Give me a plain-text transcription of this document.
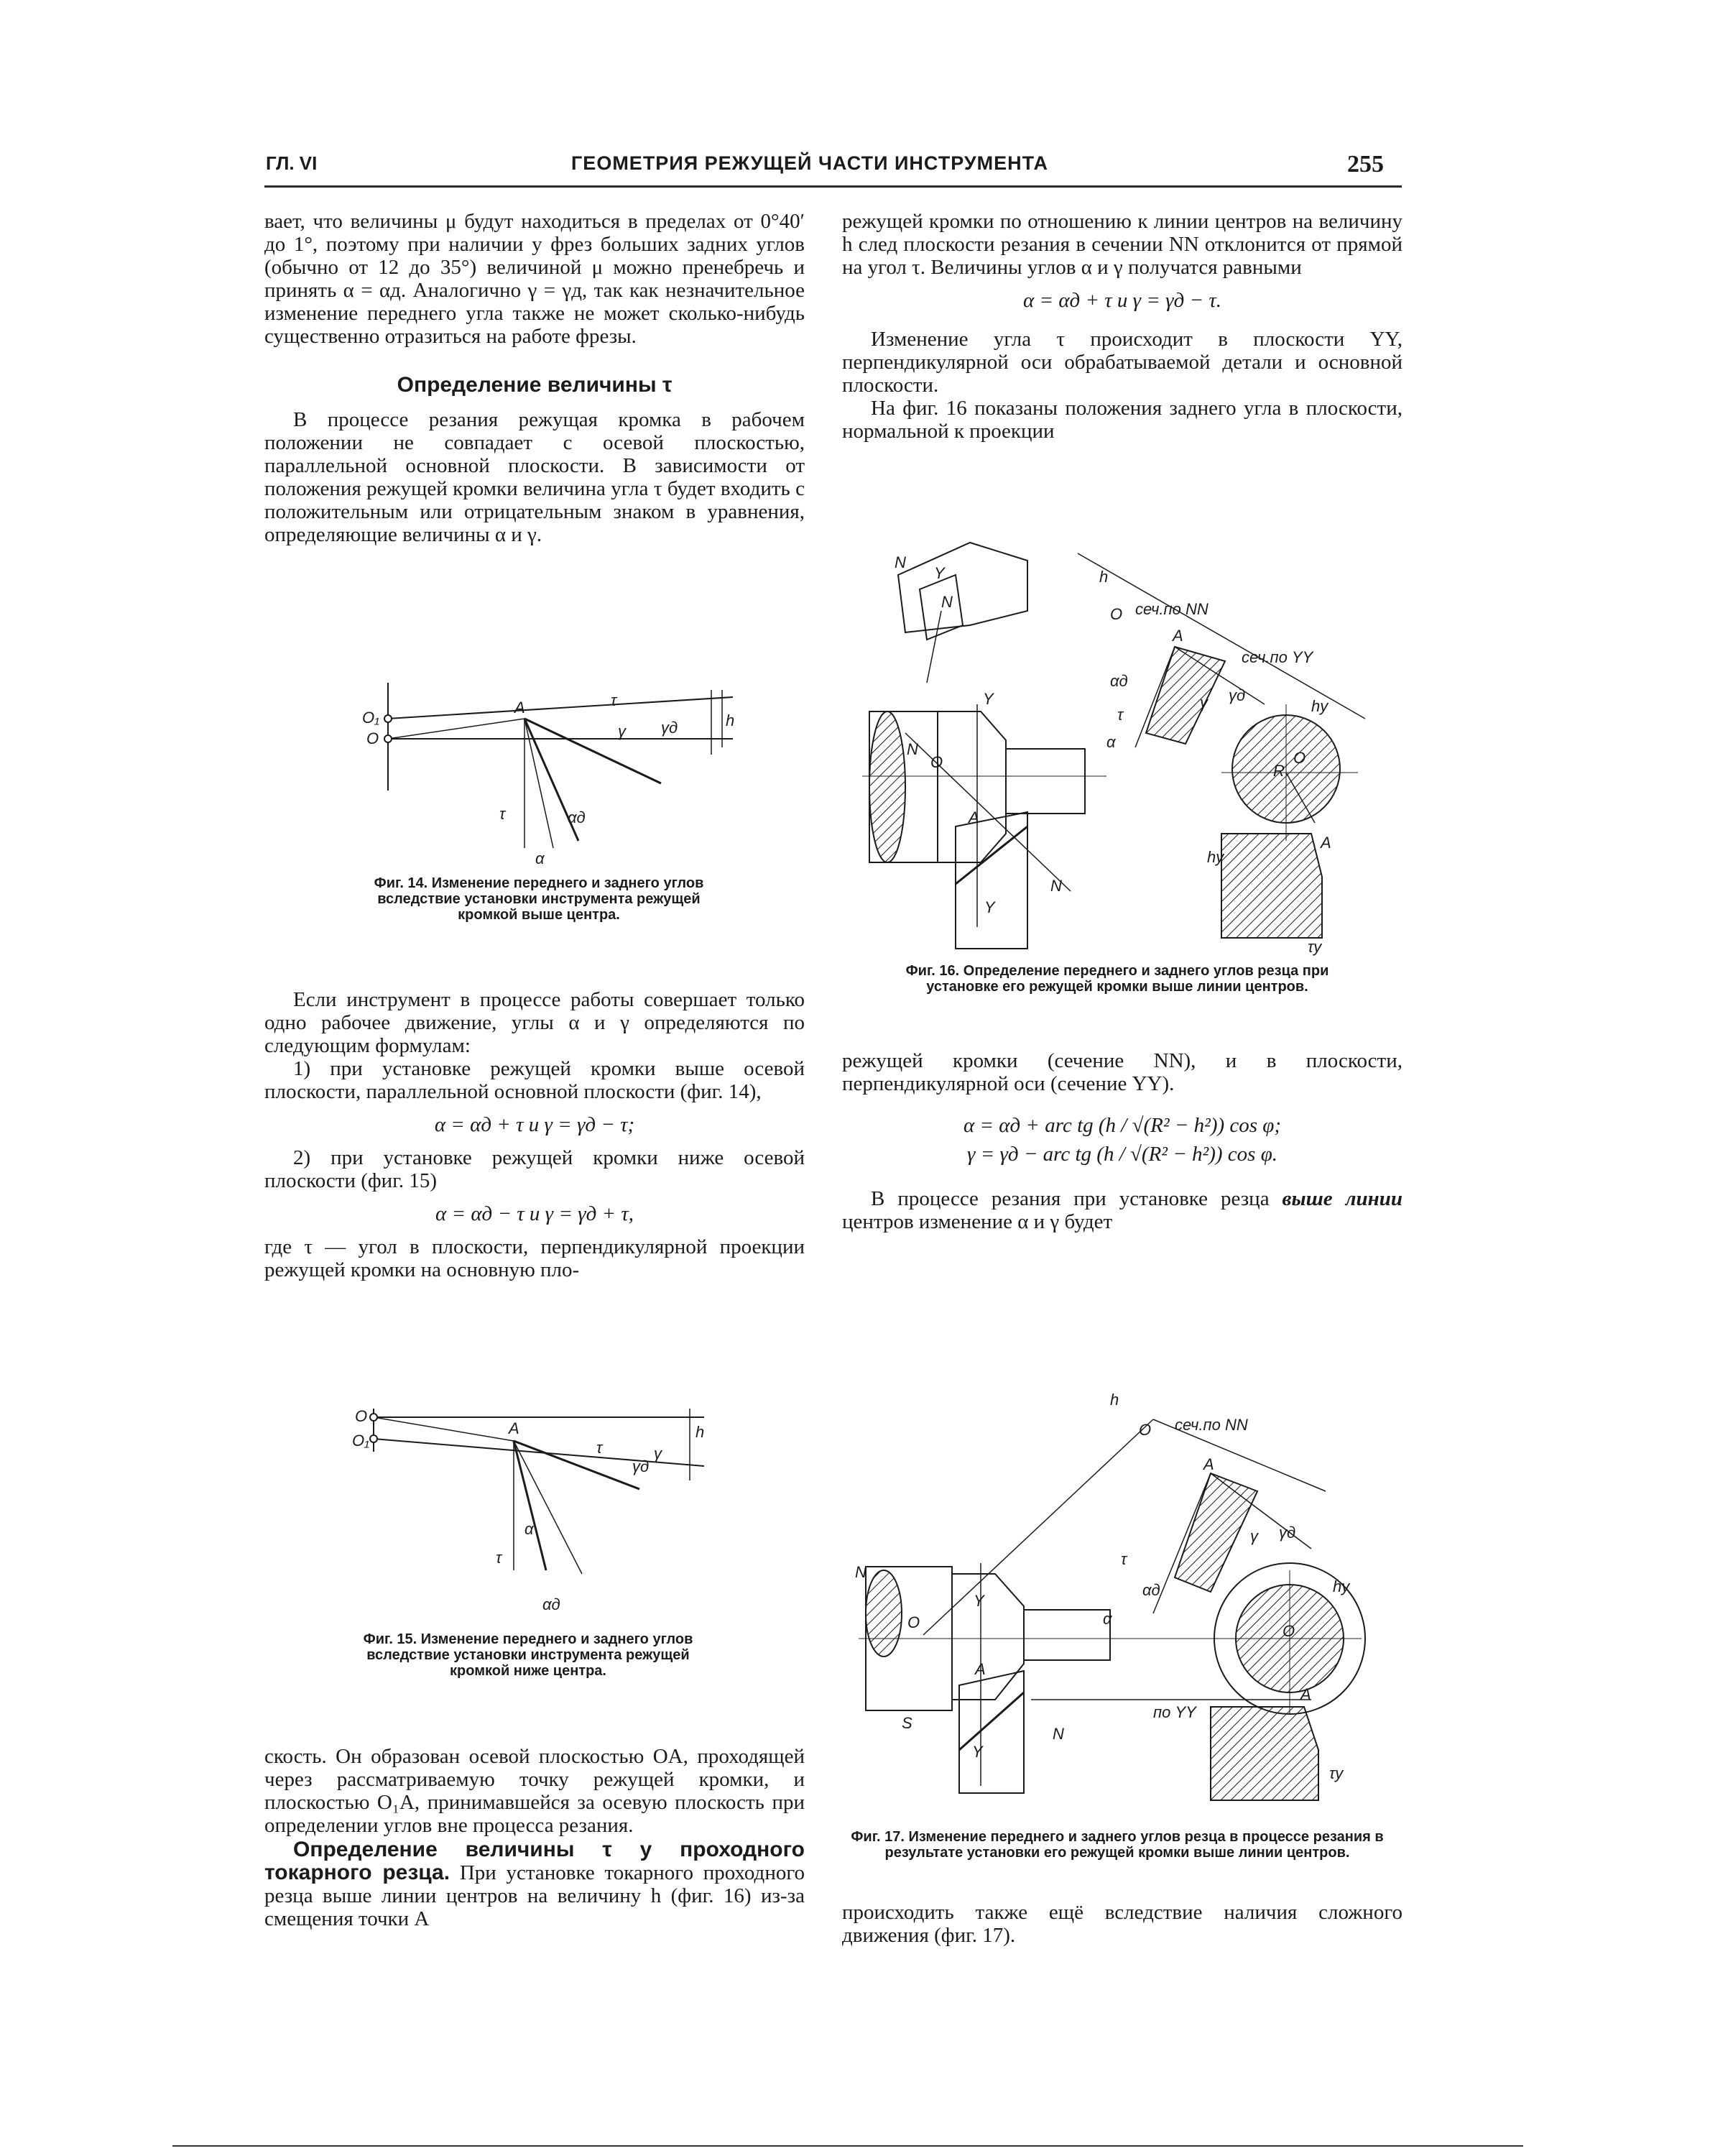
ГЛ. VI	ГЕОМЕТРИЯ РЕЖУЩЕЙ ЧАСТИ ИНСТРУМЕНТА	255

вает, что величины μ будут находиться в пределах от 0°40′ до 1°, поэтому при наличии у фрез больших задних углов (обычно от 12 до 35°) величиной μ можно пренебречь и принять α = αд. Аналогично γ = γд, так как незначительное изменение переднего угла также не может сколько-нибудь существенно отразиться на работе фрезы.

Определение величины τ

В процессе резания режущая кромка в рабочем положении не совпадает с осевой плоскостью, параллельной основной плоскости. В зависимости от положения режущей кромки величина угла τ будет входить с положительным или отрицательным знаком в уравнения, определяющие величины α и γ.

O₁
O
A	τ
γ γд	h
τ	αд
α
Фиг. 14. Изменение переднего и заднего углов вследствие установки инструмента режущей кромкой выше центра.

Если инструмент в процессе работы совершает только одно рабочее движение, углы α и γ определяются по следующим формулам:

1) при установке режущей кромки выше осевой плоскости, параллельной основной плоскости (фиг. 14),

α = αд + τ и γ = γд − τ;

2) при установке режущей кромки ниже осевой плоскости (фиг. 15)

α = αд − τ и γ = γд + τ,

где τ — угол в плоскости, перпендикулярной проекции режущей кромки на основную пло-

O
O₁
A
τ
γд
γ
h
α
τ
αд
Фиг. 15. Изменение переднего и заднего углов вследствие установки инструмента режущей кромкой ниже центра.

скость. Он образован осевой плоскостью OA, проходящей через рассматриваемую точку режущей кромки, и плоскостью O₁A, принимавшейся за осевую плоскость при определении углов вне процесса резания.

Определение величины τ у проходного токарного резца. При установке токарного проходного резца выше линии центров на величину h (фиг. 16) из-за смещения точки A

режущей кромки по отношению к линии центров на величину h след плоскости резания в сечении NN отклонится от прямой на угол τ. Величины углов α и γ получатся равными

α = αд + τ и γ = γд − τ.

Изменение угла τ происходит в плоскости YY, перпендикулярной оси обрабатываемой детали и основной плоскости.

На фиг. 16 показаны положения заднего угла в плоскости, нормальной к проекции

N
Y
N
h
O сеч.по NN
A
сеч.по YY
αд
τ
α
γд
γ	hy
Y
N
O
A
N
Y
R
O
A
hy
τy
Фиг. 16. Определение переднего и заднего углов резца при установке его режущей кромки выше линии центров.

режущей кромки (сечение NN), и в плоскости, перпендикулярной оси (сечение YY).

α = αд + arc tg (h / √(R² − h²)) cos φ;

γ = γд − arc tg (h / √(R² − h²)) cos φ.

В процессе резания при установке резца выше линии центров изменение α и γ будет

h
O сеч.по NN
A
N
O
Y
A
Y
S
N
α
αд
τ
γ γд
hy
O
A
по YY
τy
Фиг. 17. Изменение переднего и заднего углов резца в процессе резания в результате установки его режущей кромки выше линии центров.

происходить также ещё вследствие наличия сложного движения (фиг. 17).
